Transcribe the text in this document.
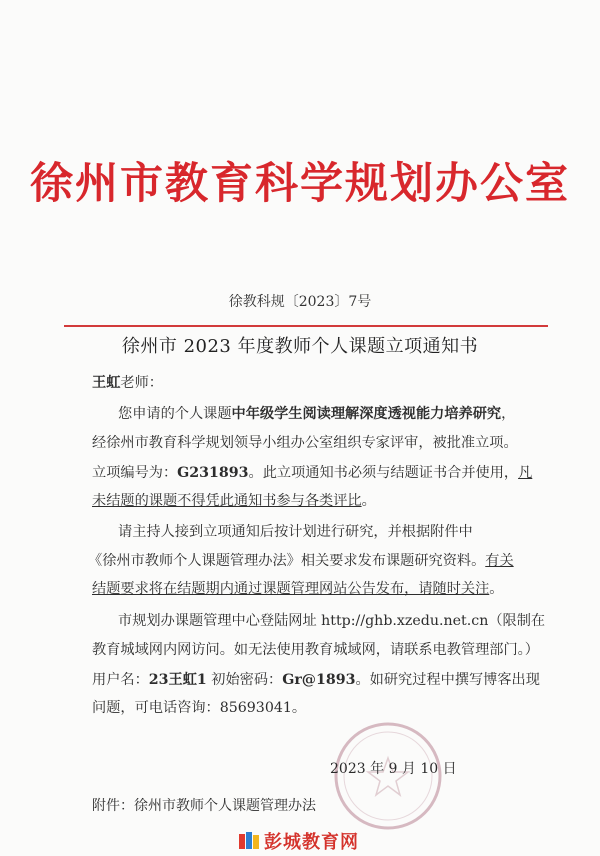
徐州市教育科学规划办公室
徐教科规〔2023〕7号
徐州市 2023 年度教师个人课题立项通知书
王虹老师：
您申请的个人课题中年级学生阅读理解深度透视能力培养研究，
经徐州市教育科学规划领导小组办公室组织专家评审，被批准立项。
立项编号为：G231893。此立项通知书必须与结题证书合并使用，凡
未结题的课题不得凭此通知书参与各类评比。
请主持人接到立项通知后按计划进行研究，并根据附件中
《徐州市教师个人课题管理办法》相关要求发布课题研究资料。有关
结题要求将在结题期内通过课题管理网站公告发布，请随时关注。
市规划办课题管理中心登陆网址 http://ghb.xzedu.net.cn（限制在
教育城域网内网访问。如无法使用教育城域网，请联系电教管理部门。）
用户名：23王虹1 初始密码：Gr@1893。如研究过程中撰写博客出现
问题，可电话咨询：85693041。
2023 年 9 月 10 日
附件：徐州市教师个人课题管理办法
彭城教育网
